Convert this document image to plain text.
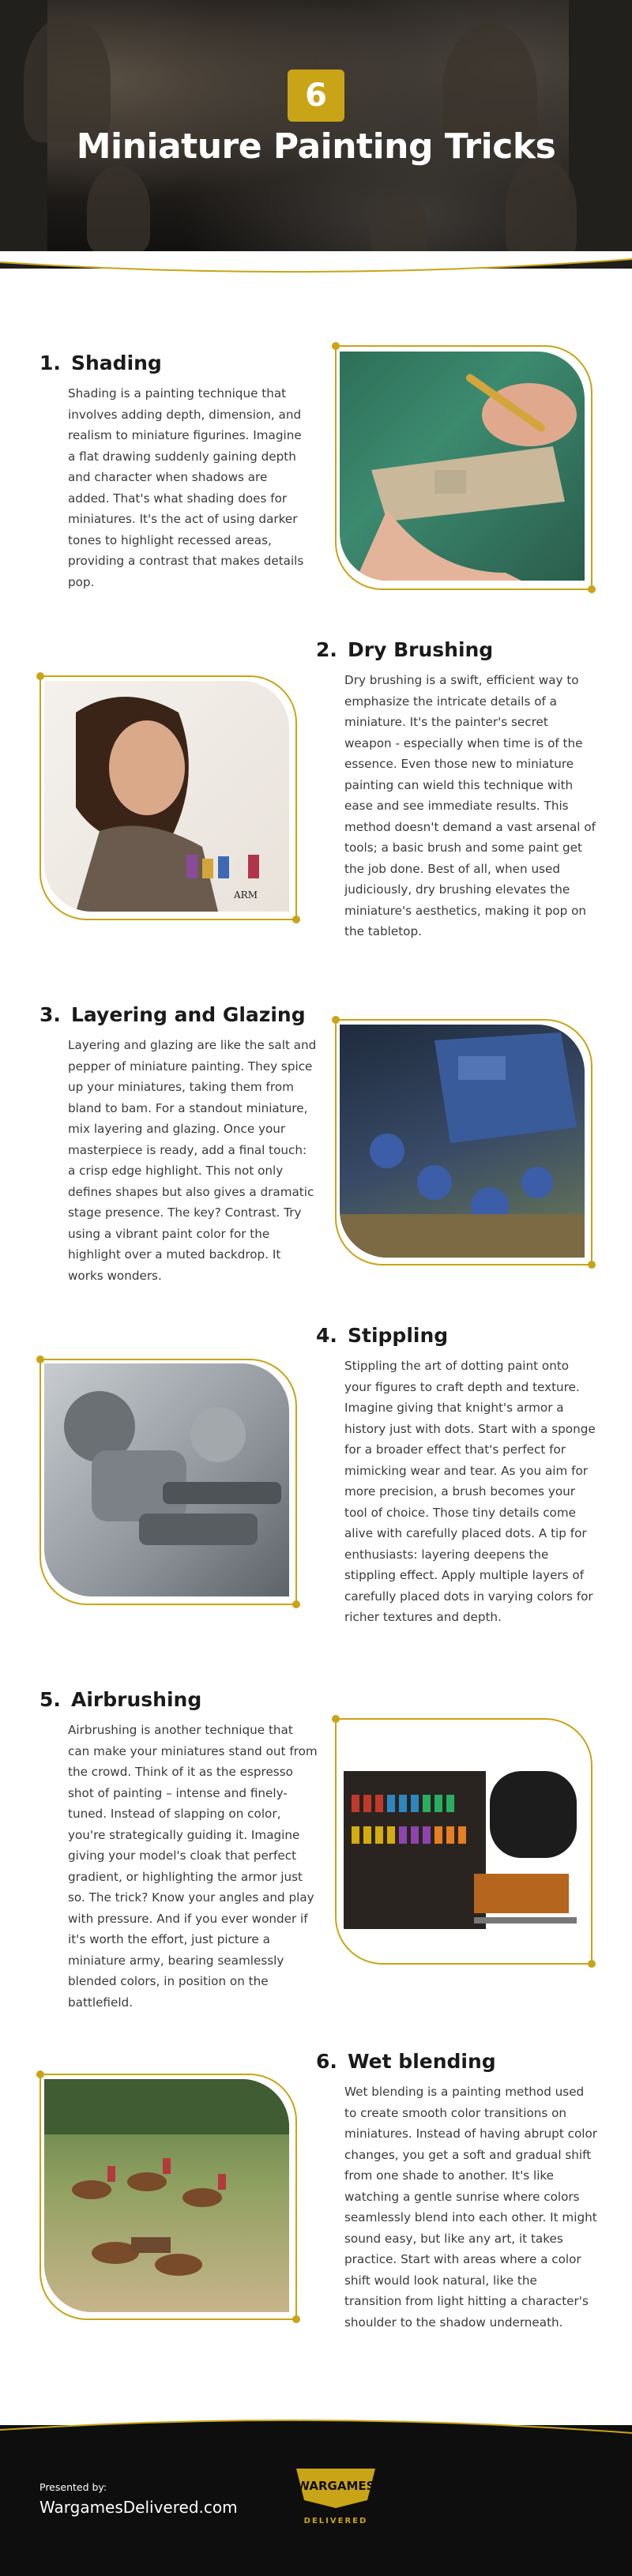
6
Miniature Painting Tricks
1. Shading
Shading is a painting technique that involves adding depth, dimension, and realism to miniature figurines. Imagine a flat drawing suddenly gaining depth and character when shadows are added. That's what shading does for miniatures. It's the act of using darker tones to highlight recessed areas, providing a contrast that makes details pop.
ARM
2. Dry Brushing
Dry brushing is a swift, efficient way to emphasize the intricate details of a miniature. It's the painter's secret weapon - especially when time is of the essence. Even those new to miniature painting can wield this technique with ease and see immediate results. This method doesn't demand a vast arsenal of tools; a basic brush and some paint get the job done. Best of all, when used judiciously, dry brushing elevates the miniature's aesthetics, making it pop on the tabletop.
3. Layering and Glazing
Layering and glazing are like the salt and pepper of miniature painting. They spice up your miniatures, taking them from bland to bam. For a standout miniature, mix layering and glazing. Once your masterpiece is ready, add a final touch: a crisp edge highlight. This not only defines shapes but also gives a dramatic stage presence. The key? Contrast. Try using a vibrant paint color for the highlight over a muted backdrop. It works wonders.
4. Stippling
Stippling the art of dotting paint onto your figures to craft depth and texture. Imagine giving that knight's armor a history just with dots. Start with a sponge for a broader effect that's perfect for mimicking wear and tear. As you aim for more precision, a brush becomes your tool of choice. Those tiny details come alive with carefully placed dots. A tip for enthusiasts: layering deepens the stippling effect. Apply multiple layers of carefully placed dots in varying colors for richer textures and depth.
5. Airbrushing
Airbrushing is another technique that can make your miniatures stand out from the crowd. Think of it as the espresso shot of painting – intense and finely-tuned. Instead of slapping on color, you're strategically guiding it. Imagine giving your model's cloak that perfect gradient, or highlighting the armor just so. The trick? Know your angles and play with pressure. And if you ever wonder if it's worth the effort, just picture a miniature army, bearing seamlessly blended colors, in position on the battlefield.
6. Wet blending
Wet blending is a painting method used to create smooth color transitions on miniatures. Instead of having abrupt color changes, you get a soft and gradual shift from one shade to another. It's like watching a gentle sunrise where colors seamlessly blend into each other. It might sound easy, but like any art, it takes practice. Start with areas where a color shift would look natural, like the transition from light hitting a character's shoulder to the shadow underneath.
Presented by:
WargamesDelivered.com
WARGAMES
DELIVERED
